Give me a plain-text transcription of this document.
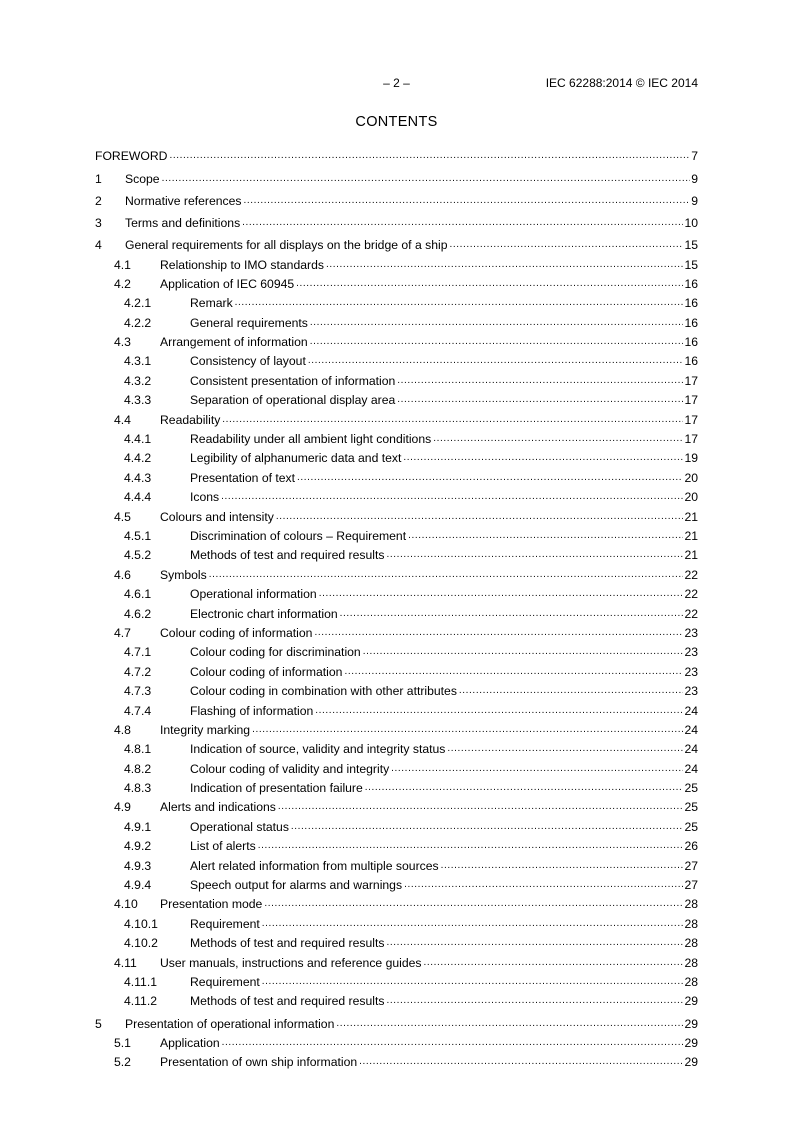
– 2 –	IEC 62288:2014 © IEC 2014
CONTENTS
FOREWORD .....	7
1 Scope .....	9
2 Normative references .....	9
3 Terms and definitions .....	10
4 General requirements for all displays on the bridge of a ship .....	15
4.1 Relationship to IMO standards .....	15
4.2 Application of IEC 60945 .....	16
4.2.1	Remark .....	16
4.2.2	General requirements .....	16
4.3 Arrangement of information .....	16
4.3.1	Consistency of layout .....	16
4.3.2	Consistent presentation of information .....	17
4.3.3	Separation of operational display area .....	17
4.4 Readability .....	17
4.4.1	Readability under all ambient light conditions .....	17
4.4.2	Legibility of alphanumeric data and text .....	19
4.4.3	Presentation of text .....	20
4.4.4	Icons .....	20
4.5 Colours and intensity .....	21
4.5.1	Discrimination of colours – Requirement .....	21
4.5.2	Methods of test and required results .....	21
4.6 Symbols .....	22
4.6.1	Operational information .....	22
4.6.2	Electronic chart information .....	22
4.7 Colour coding of information .....	23
4.7.1	Colour coding for discrimination .....	23
4.7.2	Colour coding of information .....	23
4.7.3	Colour coding in combination with other attributes .....	23
4.7.4	Flashing of information .....	24
4.8 Integrity marking .....	24
4.8.1	Indication of source, validity and integrity status .....	24
4.8.2	Colour coding of validity and integrity .....	24
4.8.3	Indication of presentation failure .....	25
4.9 Alerts and indications .....	25
4.9.1	Operational status .....	25
4.9.2	List of alerts .....	26
4.9.3	Alert related information from multiple sources .....	27
4.9.4	Speech output for alarms and warnings .....	27
4.10 Presentation mode .....	28
4.10.1	Requirement .....	28
4.10.2	Methods of test and required results .....	28
4.11 User manuals, instructions and reference guides .....	28
4.11.1	Requirement .....	28
4.11.2	Methods of test and required results .....	29
5 Presentation of operational information .....	29
5.1 Application .....	29
5.2 Presentation of own ship information .....	29
